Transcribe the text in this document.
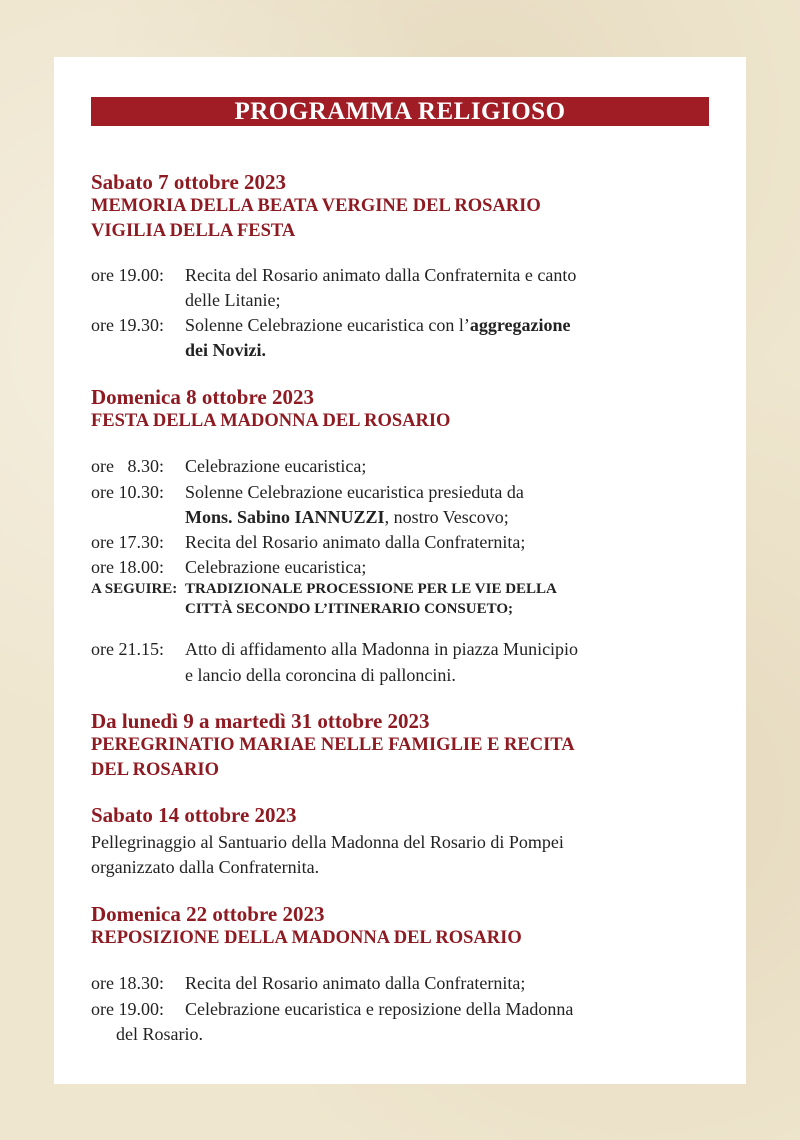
PROGRAMMA RELIGIOSO
Sabato 7 ottobre 2023
MEMORIA DELLA BEATA VERGINE DEL ROSARIO
VIGILIA DELLA FESTA
ore 19.00: Recita del Rosario animato dalla Confraternita e canto
delle Litanie;
ore 19.30: Solenne Celebrazione eucaristica con l’aggregazione
dei Novizi.
Domenica 8 ottobre 2023
FESTA DELLA MADONNA DEL ROSARIO
ore   8.30: Celebrazione eucaristica;
ore 10.30: Solenne Celebrazione eucaristica presieduta da
Mons. Sabino IANNUZZI, nostro Vescovo;
ore 17.30: Recita del Rosario animato dalla Confraternita;
ore 18.00: Celebrazione eucaristica;
A SEGUIRE: TRADIZIONALE PROCESSIONE PER LE VIE DELLA
CITTÀ SECONDO L’ITINERARIO CONSUETO;
ore 21.15: Atto di affidamento alla Madonna in piazza Municipio
e lancio della coroncina di palloncini.
Da lunedì 9 a martedì 31 ottobre 2023
PEREGRINATIO MARIAE NELLE FAMIGLIE E RECITA
DEL ROSARIO
Sabato 14 ottobre 2023
Pellegrinaggio al Santuario della Madonna del Rosario di Pompei
organizzato dalla Confraternita.
Domenica 22 ottobre 2023
REPOSIZIONE DELLA MADONNA DEL ROSARIO
ore 18.30: Recita del Rosario animato dalla Confraternita;
ore 19.00: Celebrazione eucaristica e reposizione della Madonna
del Rosario.
